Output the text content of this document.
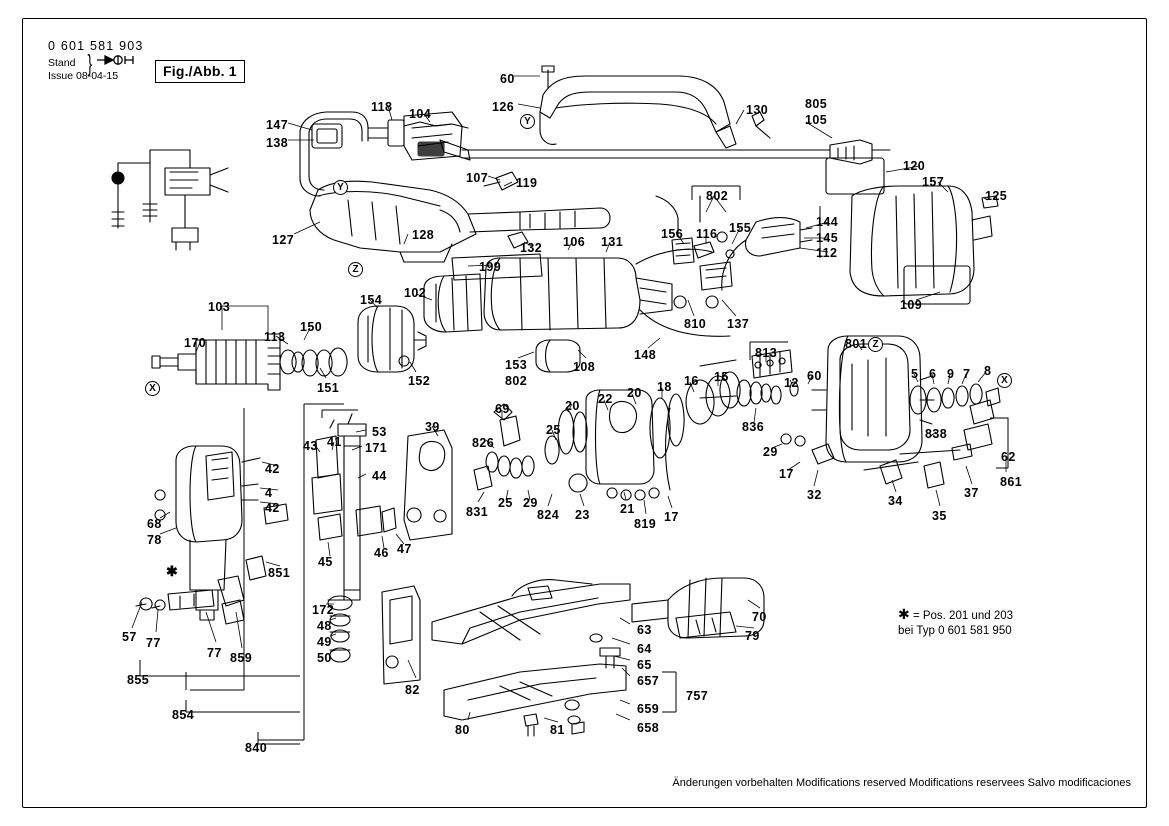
0 601 581 903
Stand
Issue 08-04-15
}	Fig./Abb. 1	60
126	130	805
105
118 104
147
138
120
157
125
107 119
802
156 116 155	144
145
112
127	128
132 106 131
199
109
103	154 102
170	113
150
151	152
153
802
108
148
810 137
813
801
5 6 9 7 8
12 60
20 22 20 18 16 15
836
69
826
25
39
53
171
43 41
44
838
29
17
62
861
42
4
42	831
25 29
824 23 21
819 17
32	34
35
37
68
78
45
46 47
851
70
79
172
48
49
50
57 77
77 859
855
854
840
82
63
64
65
657
659
658
757
80	81
Y
Y
Z
Z
X
X
✱
✱ = Pos. 201 und 203
bei Typ 0 601 581 950
Änderungen vorbehalten Modifications reserved Modifications reservees Salvo modificaciones
